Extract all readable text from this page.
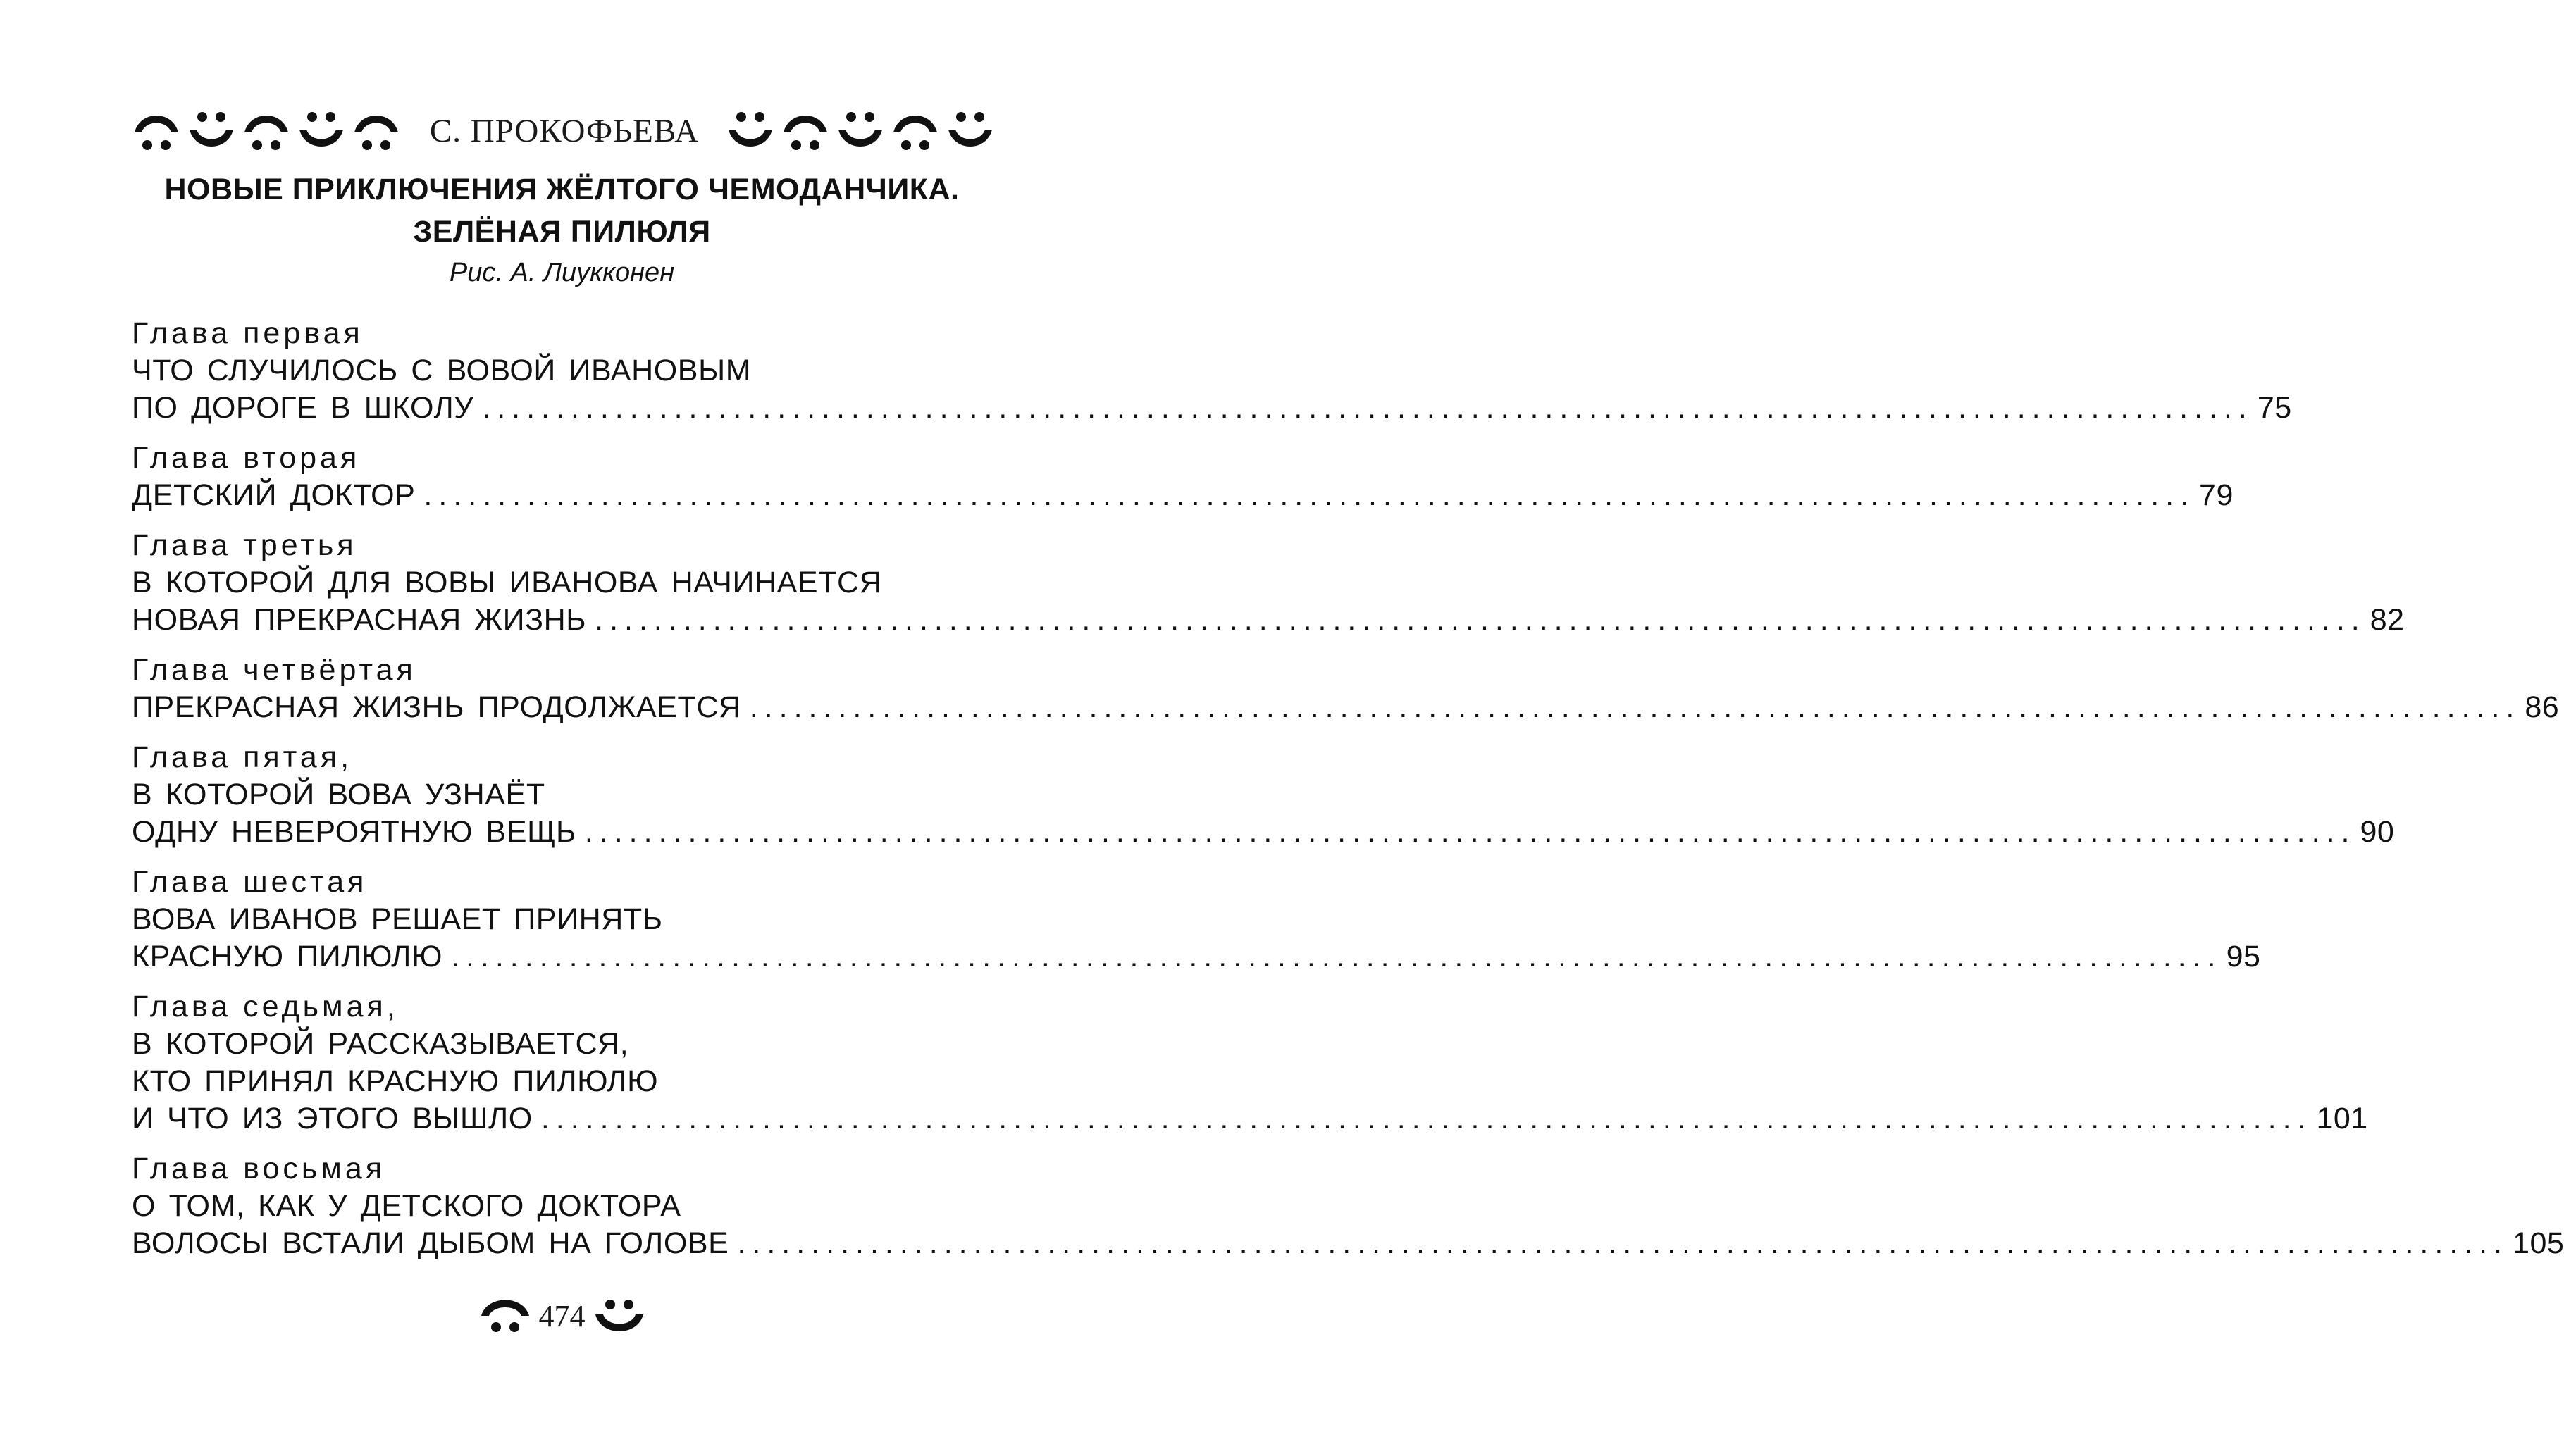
С. ПРОКОФЬЕВА
НОВЫЕ ПРИКЛЮЧЕНИЯ ЖЁЛТОГО ЧЕМОДАНЧИКА.
ЗЕЛЁНАЯ ПИЛЮЛЯ
Рис. А. Лиукконен
Глава первая
ЧТО СЛУЧИЛОСЬ С ВОВОЙ ИВАНОВЫМ
ПО ДОРОГЕ В ШКОЛУ ........................................................................................................................ 75
Глава вторая
ДЕТСКИЙ ДОКТОР ........................................................................................................................ 79
Глава третья
В КОТОРОЙ ДЛЯ ВОВЫ ИВАНОВА НАЧИНАЕТСЯ
НОВАЯ ПРЕКРАСНАЯ ЖИЗНЬ ........................................................................................................................ 82
Глава четвёртая
ПРЕКРАСНАЯ ЖИЗНЬ ПРОДОЛЖАЕТСЯ ........................................................................................................................ 86
Глава пятая,
В КОТОРОЙ ВОВА УЗНАЁТ
ОДНУ НЕВЕРОЯТНУЮ ВЕЩЬ ........................................................................................................................ 90
Глава шестая
ВОВА ИВАНОВ РЕШАЕТ ПРИНЯТЬ
КРАСНУЮ ПИЛЮЛЮ ........................................................................................................................ 95
Глава седьмая,
В КОТОРОЙ РАССКАЗЫВАЕТСЯ,
КТО ПРИНЯЛ КРАСНУЮ ПИЛЮЛЮ
И ЧТО ИЗ ЭТОГО ВЫШЛО ........................................................................................................................ 101
Глава восьмая
О ТОМ, КАК У ДЕТСКОГО ДОКТОРА
ВОЛОСЫ ВСТАЛИ ДЫБОМ НА ГОЛОВЕ ........................................................................................................................ 105
474
